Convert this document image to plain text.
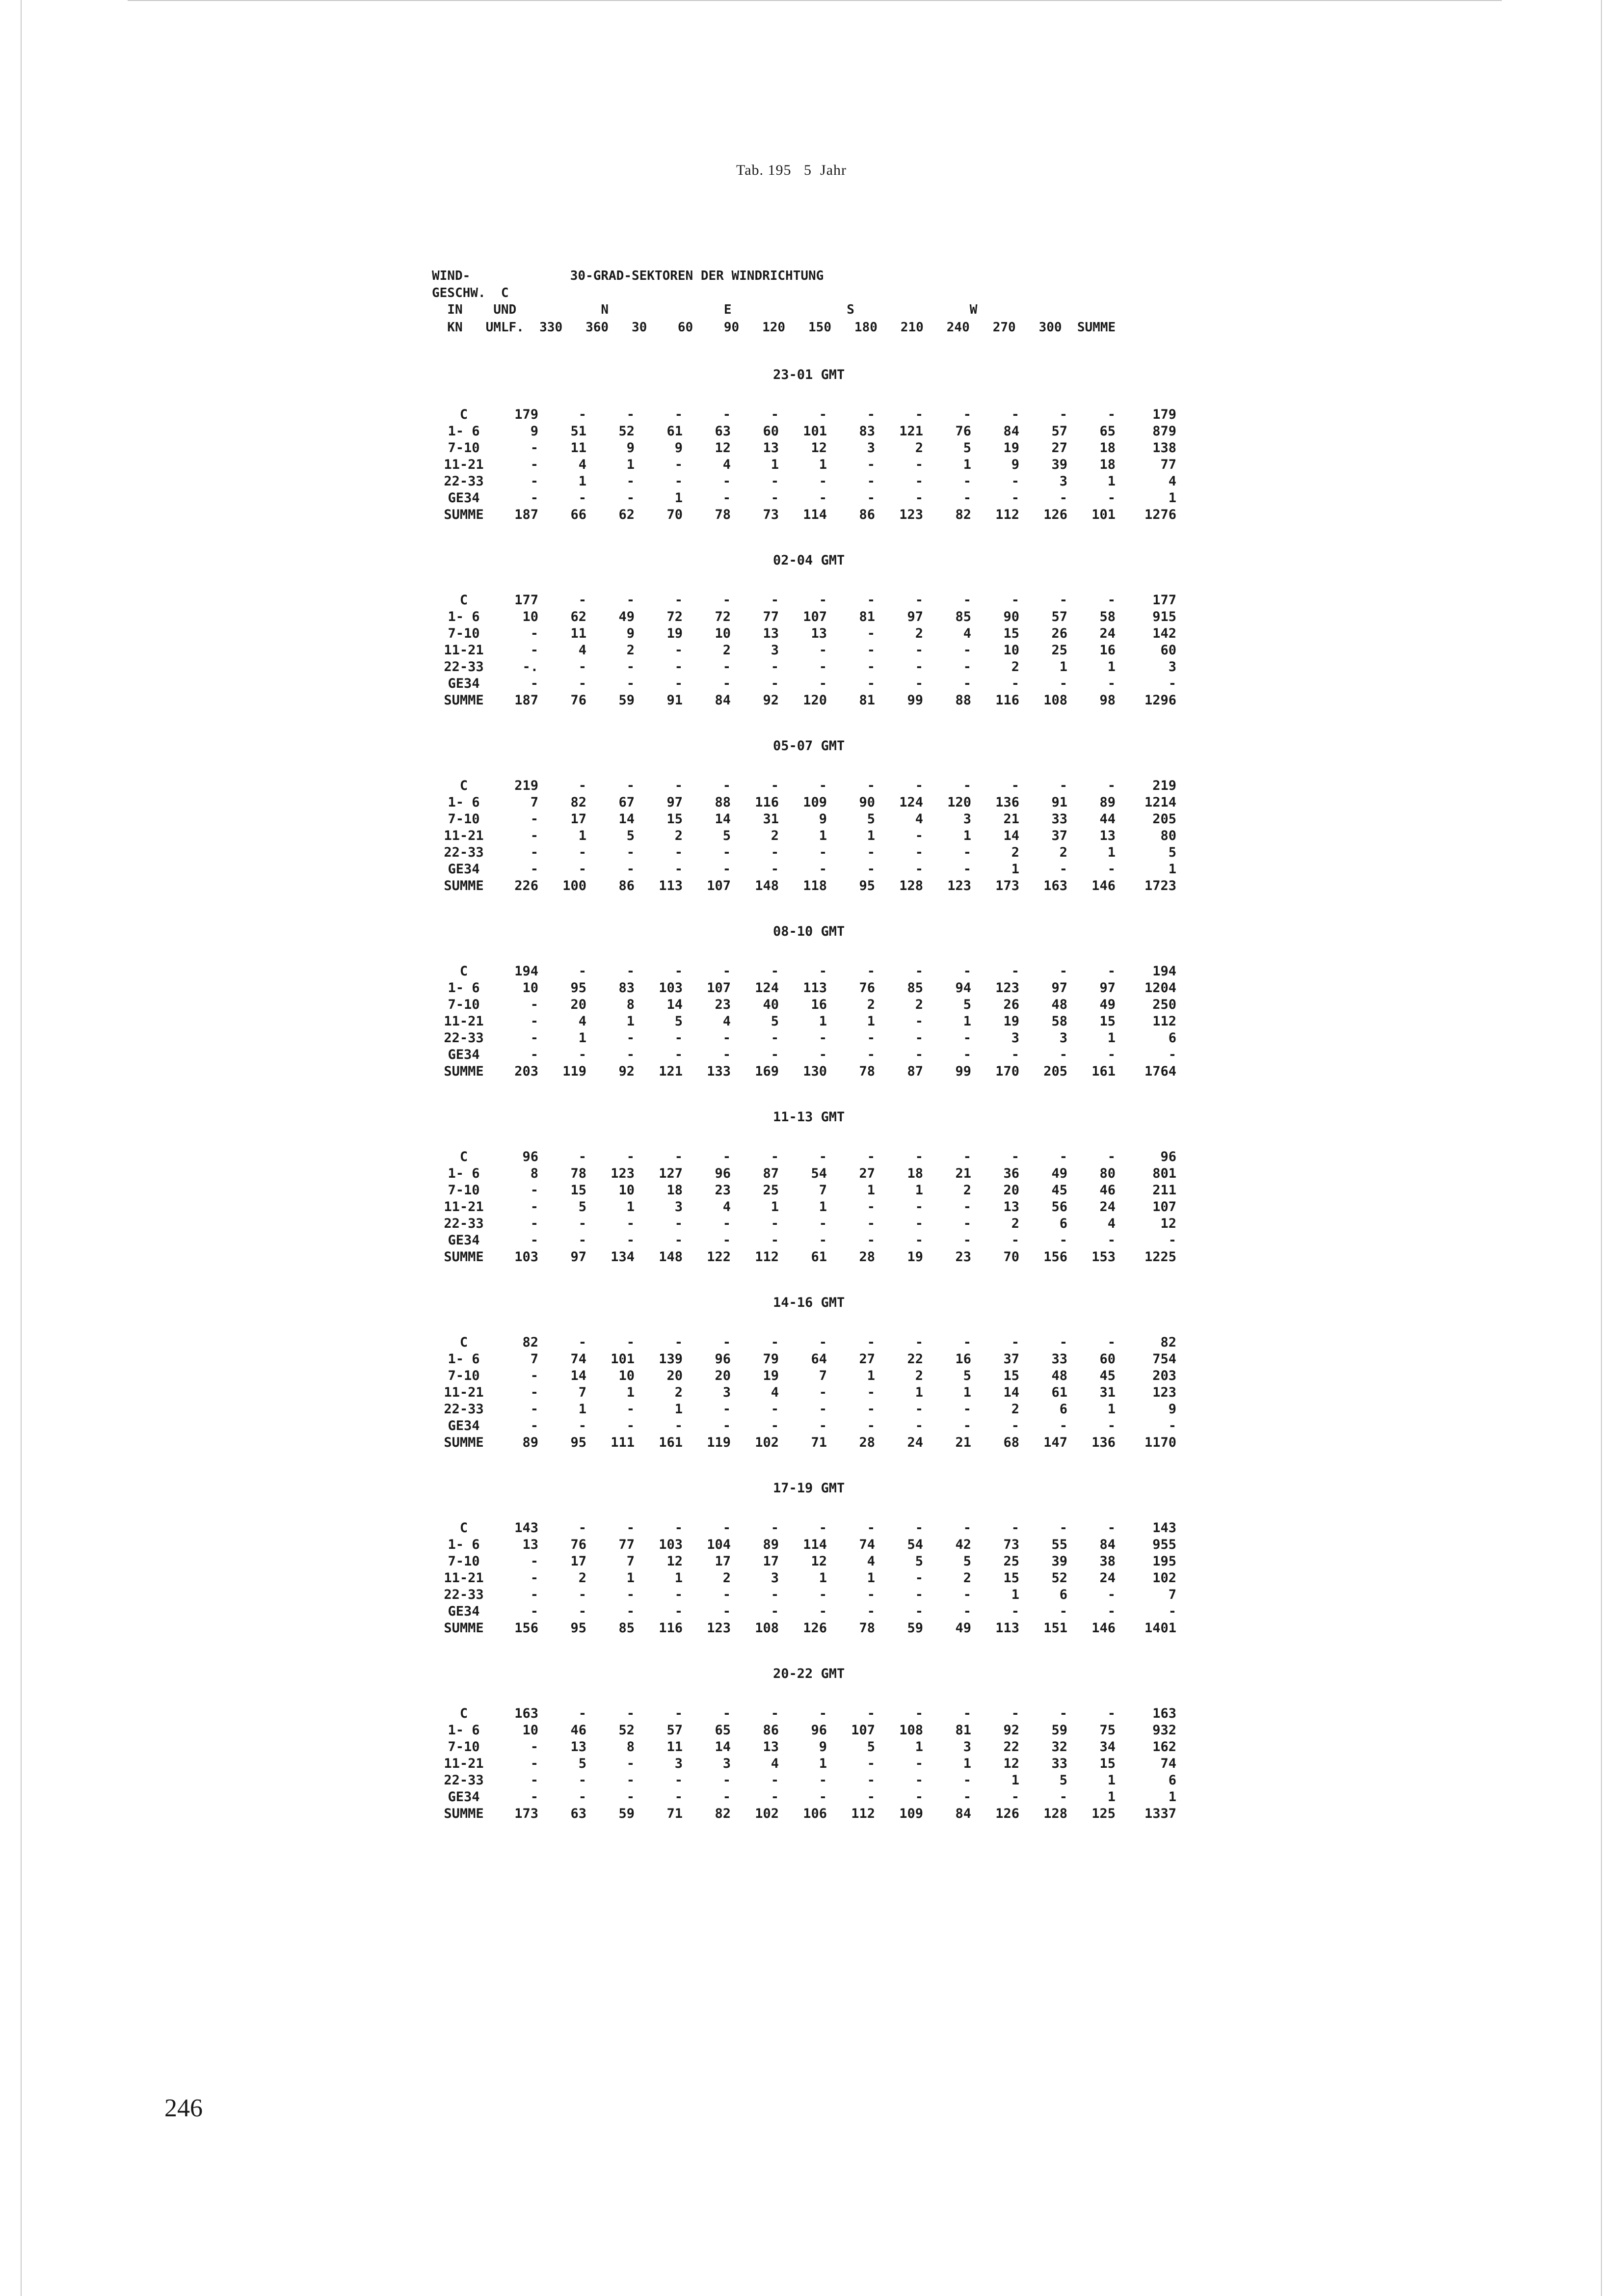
Tab. 195   5  Jahr
WIND-             30-GRAD-SEKTOREN DER WINDRICHTUNG
GESCHW.  C
IN    UND           N               E               S               W
KN   UMLF.  330   360   30    60    90   120   150   180   210   240   270   300  SUMME
23-01 GMT
C	179	-	-	-	-	-	-	-	-	-	-	-	-	179
1- 6	9	51	52	61	63	60	101	83	121	76	84	57	65	879
7-10	-	11	9	9	12	13	12	3	2	5	19	27	18	138
11-21	-	4	1	-	4	1	1	-	-	1	9	39	18	77
22-33	-	1	-	-	-	-	-	-	-	-	-	3	1	4
GE34	-	-	-	1	-	-	-	-	-	-	-	-	-	1
SUMME	187	66	62	70	78	73	114	86	123	82	112	126	101	1276
02-04 GMT
C	177	-	-	-	-	-	-	-	-	-	-	-	-	177
1- 6	10	62	49	72	72	77	107	81	97	85	90	57	58	915
7-10	-	11	9	19	10	13	13	-	2	4	15	26	24	142
11-21	-	4	2	-	2	3	-	-	-	-	10	25	16	60
22-33	-.	-	-	-	-	-	-	-	-	-	2	1	1	3
GE34	-	-	-	-	-	-	-	-	-	-	-	-	-	-
SUMME	187	76	59	91	84	92	120	81	99	88	116	108	98	1296
05-07 GMT
C	219	-	-	-	-	-	-	-	-	-	-	-	-	219
1- 6	7	82	67	97	88	116	109	90	124	120	136	91	89	1214
7-10	-	17	14	15	14	31	9	5	4	3	21	33	44	205
11-21	-	1	5	2	5	2	1	1	-	1	14	37	13	80
22-33	-	-	-	-	-	-	-	-	-	-	2	2	1	5
GE34	-	-	-	-	-	-	-	-	-	-	1	-	-	1
SUMME	226	100	86	113	107	148	118	95	128	123	173	163	146	1723
08-10 GMT
C	194	-	-	-	-	-	-	-	-	-	-	-	-	194
1- 6	10	95	83	103	107	124	113	76	85	94	123	97	97	1204
7-10	-	20	8	14	23	40	16	2	2	5	26	48	49	250
11-21	-	4	1	5	4	5	1	1	-	1	19	58	15	112
22-33	-	1	-	-	-	-	-	-	-	-	3	3	1	6
GE34	-	-	-	-	-	-	-	-	-	-	-	-	-	-
SUMME	203	119	92	121	133	169	130	78	87	99	170	205	161	1764
11-13 GMT
C	96	-	-	-	-	-	-	-	-	-	-	-	-	96
1- 6	8	78	123	127	96	87	54	27	18	21	36	49	80	801
7-10	-	15	10	18	23	25	7	1	1	2	20	45	46	211
11-21	-	5	1	3	4	1	1	-	-	-	13	56	24	107
22-33	-	-	-	-	-	-	-	-	-	-	2	6	4	12
GE34	-	-	-	-	-	-	-	-	-	-	-	-	-	-
SUMME	103	97	134	148	122	112	61	28	19	23	70	156	153	1225
14-16 GMT
C	82	-	-	-	-	-	-	-	-	-	-	-	-	82
1- 6	7	74	101	139	96	79	64	27	22	16	37	33	60	754
7-10	-	14	10	20	20	19	7	1	2	5	15	48	45	203
11-21	-	7	1	2	3	4	-	-	1	1	14	61	31	123
22-33	-	1	-	1	-	-	-	-	-	-	2	6	1	9
GE34	-	-	-	-	-	-	-	-	-	-	-	-	-	-
SUMME	89	95	111	161	119	102	71	28	24	21	68	147	136	1170
17-19 GMT
C	143	-	-	-	-	-	-	-	-	-	-	-	-	143
1- 6	13	76	77	103	104	89	114	74	54	42	73	55	84	955
7-10	-	17	7	12	17	17	12	4	5	5	25	39	38	195
11-21	-	2	1	1	2	3	1	1	-	2	15	52	24	102
22-33	-	-	-	-	-	-	-	-	-	-	1	6	-	7
GE34	-	-	-	-	-	-	-	-	-	-	-	-	-	-
SUMME	156	95	85	116	123	108	126	78	59	49	113	151	146	1401
20-22 GMT
C	163	-	-	-	-	-	-	-	-	-	-	-	-	163
1- 6	10	46	52	57	65	86	96	107	108	81	92	59	75	932
7-10	-	13	8	11	14	13	9	5	1	3	22	32	34	162
11-21	-	5	-	3	3	4	1	-	-	1	12	33	15	74
22-33	-	-	-	-	-	-	-	-	-	-	1	5	1	6
GE34	-	-	-	-	-	-	-	-	-	-	-	-	1	1
SUMME	173	63	59	71	82	102	106	112	109	84	126	128	125	1337
246
